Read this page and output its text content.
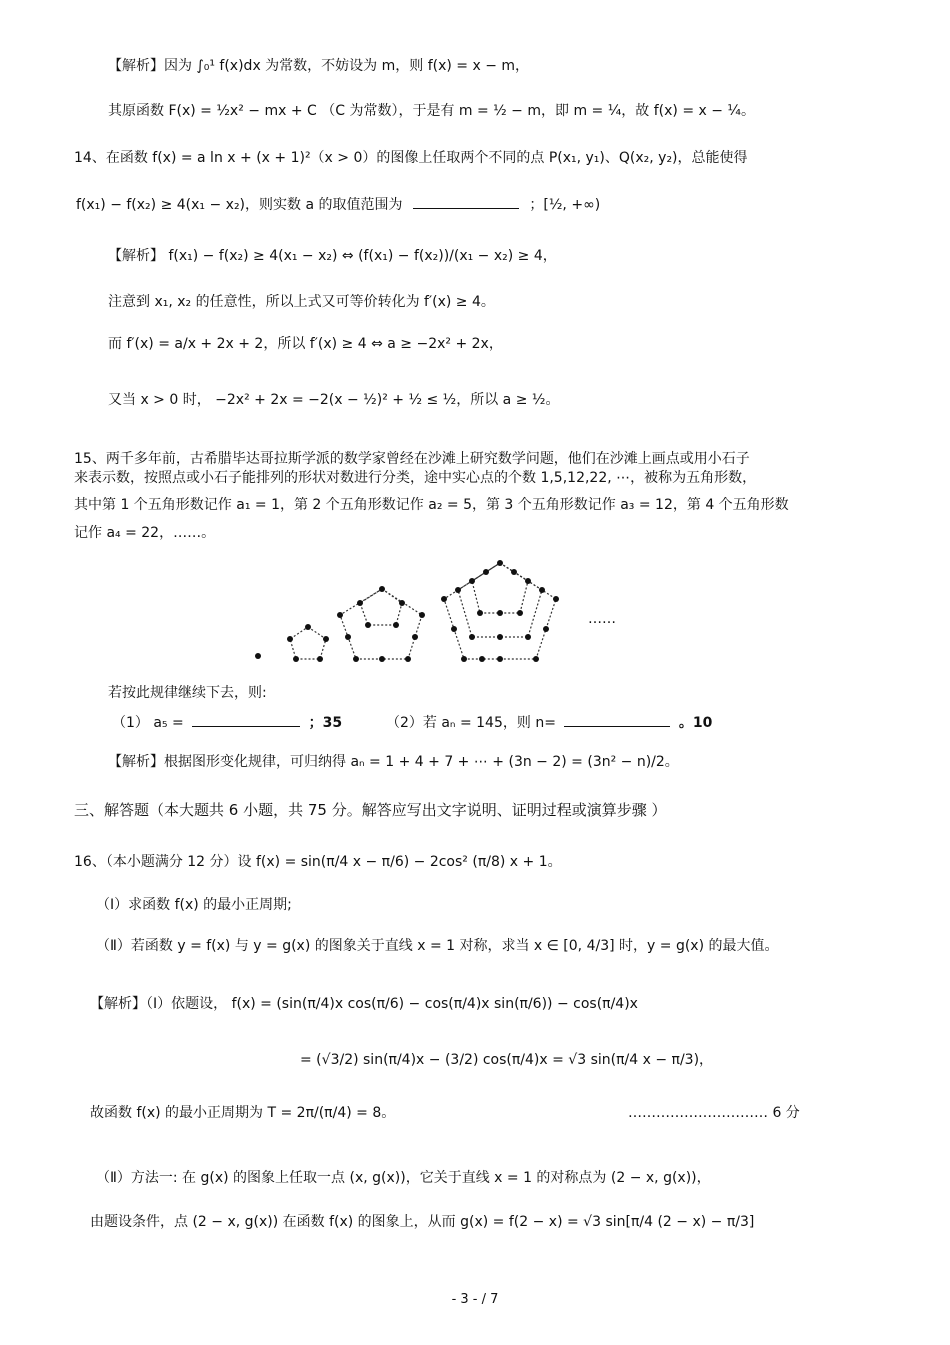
【解析】因为 ∫₀¹ f(x)dx 为常数，不妨设为 m，则 f(x) = x − m，
其原函数 F(x) = ½x² − mx + C （C 为常数），于是有 m = ½ − m，即 m = ¼，故 f(x) = x − ¼。
14、在函数 f(x) = a ln x + (x + 1)²（x > 0）的图像上任取两个不同的点 P(x₁, y₁)、Q(x₂, y₂)，总能使得
f(x₁) − f(x₂) ≥ 4(x₁ − x₂)，则实数 a 的取值范围为	；[½, +∞)
【解析】 f(x₁) − f(x₂) ≥ 4(x₁ − x₂) ⇔ (f(x₁) − f(x₂))/(x₁ − x₂) ≥ 4，
注意到 x₁, x₂ 的任意性，所以上式又可等价转化为 f′(x) ≥ 4。
而 f′(x) = a/x + 2x + 2，所以 f′(x) ≥ 4 ⇔ a ≥ −2x² + 2x，
又当 x > 0 时， −2x² + 2x = −2(x − ½)² + ½ ≤ ½，所以 a ≥ ½。
15、两千多年前，古希腊毕达哥拉斯学派的数学家曾经在沙滩上研究数学问题，他们在沙滩上画点或用小石子
来表示数，按照点或小石子能排列的形状对数进行分类，途中实心点的个数 1,5,12,22, ⋯，被称为五角形数，
其中第 1 个五角形数记作 a₁ = 1，第 2 个五角形数记作 a₂ = 5，第 3 个五角形数记作 a₃ = 12，第 4 个五角形数
记作 a₄ = 22，……。
……
若按此规律继续下去，则:
（1） a₅ =	；35	（2）若 aₙ = 145，则 n=	。10
【解析】根据图形变化规律，可归纳得 aₙ = 1 + 4 + 7 + ⋯ + (3n − 2) = (3n² − n)/2。
三、解答题（本大题共 6 小题，共 75 分。解答应写出文字说明、证明过程或演算步骤 ）
16、（本小题满分 12 分）设 f(x) = sin(π/4 x − π/6) − 2cos² (π/8) x + 1。
（Ⅰ）求函数 f(x) 的最小正周期;
（Ⅱ）若函数 y = f(x) 与 y = g(x) 的图象关于直线 x = 1 对称，求当 x ∈ [0, 4/3] 时，y = g(x) 的最大值。
【解析】（Ⅰ）依题设， f(x) = (sin(π/4)x cos(π/6) − cos(π/4)x sin(π/6)) − cos(π/4)x
= (√3/2) sin(π/4)x − (3/2) cos(π/4)x = √3 sin(π/4 x − π/3)，
故函数 f(x) 的最小正周期为 T = 2π/(π/4) = 8。	………………………… 6 分
（Ⅱ）方法一: 在 g(x) 的图象上任取一点 (x, g(x))，它关于直线 x = 1 的对称点为 (2 − x, g(x))，
由题设条件，点 (2 − x, g(x)) 在函数 f(x) 的图象上，从而 g(x) = f(2 − x) = √3 sin[π/4 (2 − x) − π/3]
- 3 - / 7
